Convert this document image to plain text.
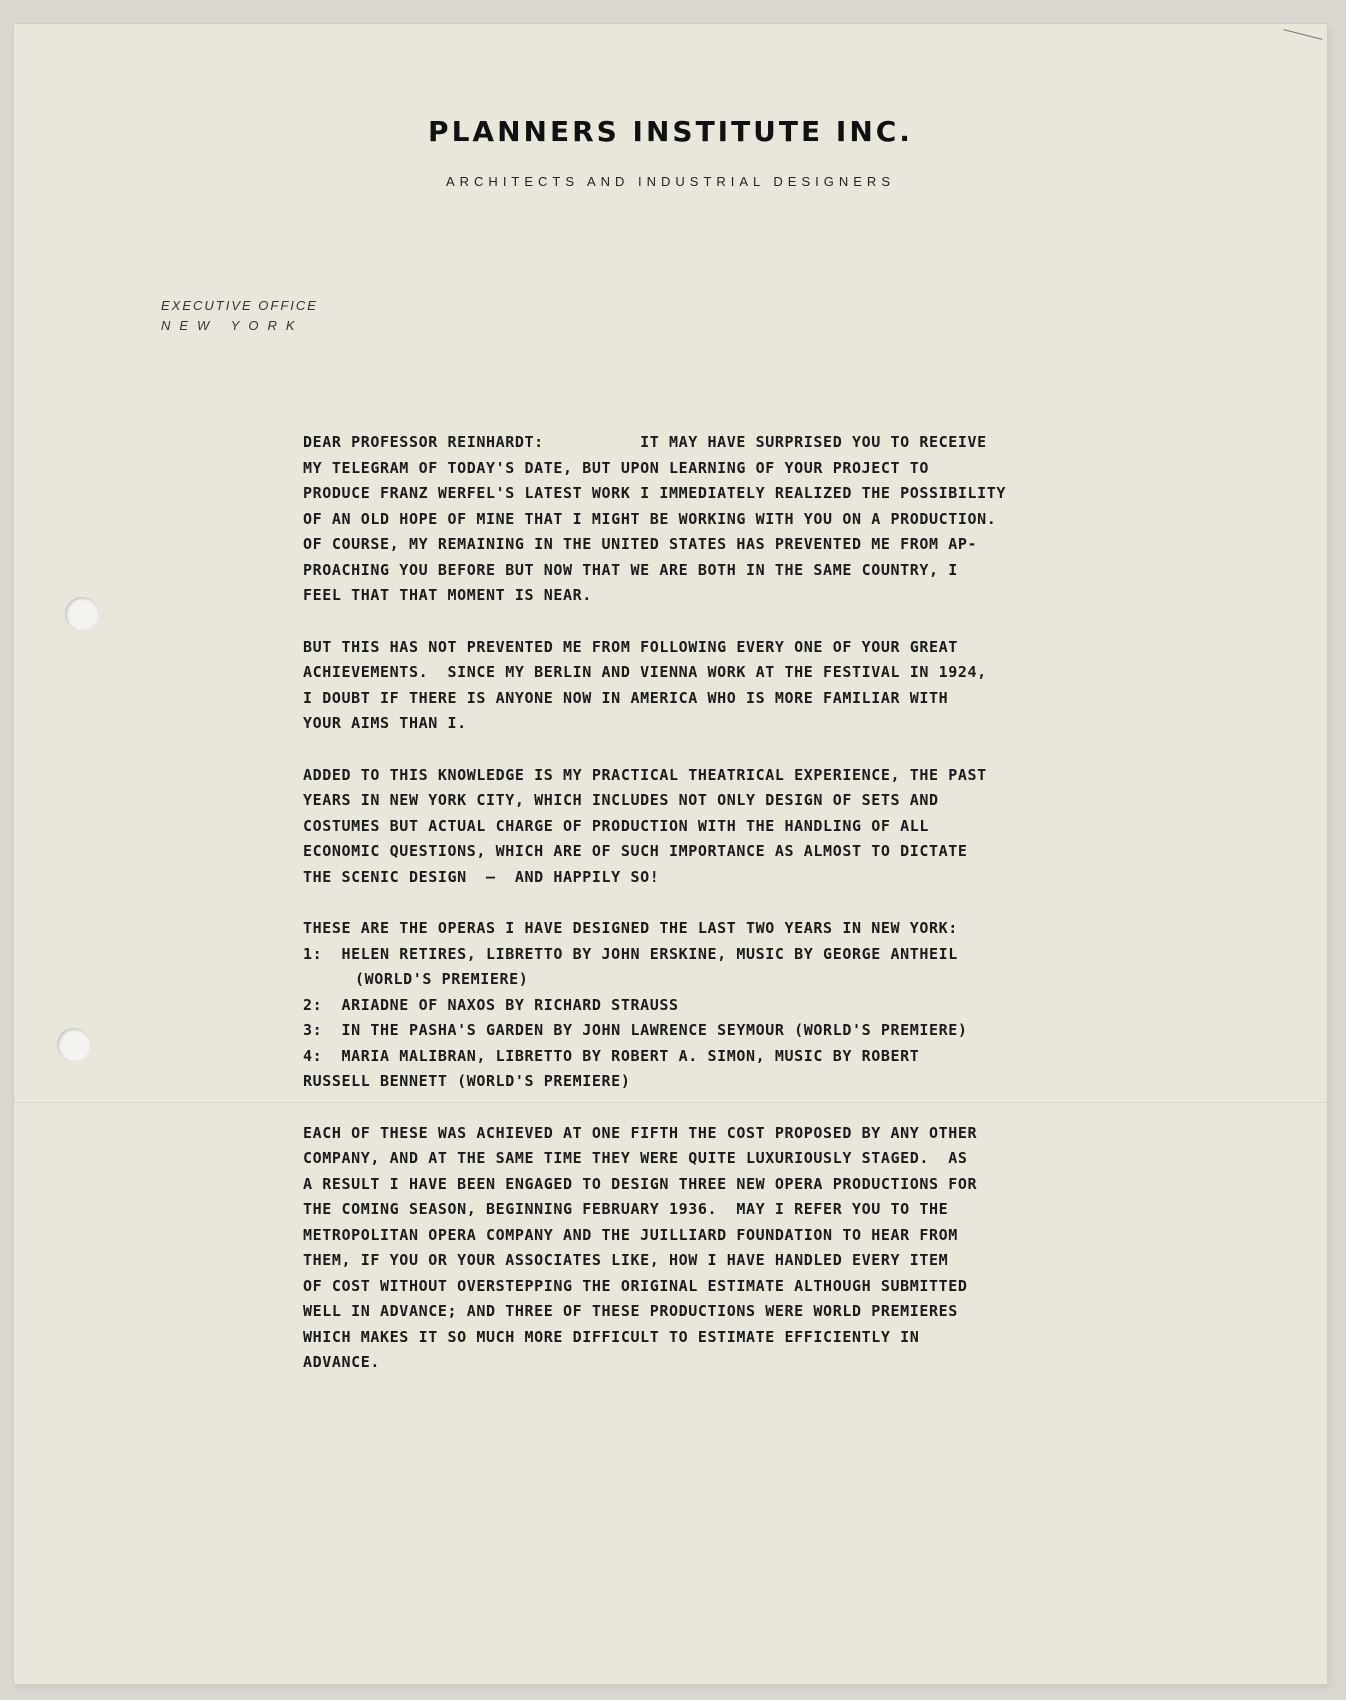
PLANNERS INSTITUTE INC.
ARCHITECTS AND INDUSTRIAL DESIGNERS
EXECUTIVE OFFICE
NEW YORK

DEAR PROFESSOR REINHARDT:          IT MAY HAVE SURPRISED YOU TO RECEIVE

MY TELEGRAM OF TODAY'S DATE, BUT UPON LEARNING OF YOUR PROJECT TO

PRODUCE FRANZ WERFEL'S LATEST WORK I IMMEDIATELY REALIZED THE POSSIBILITY

OF AN OLD HOPE OF MINE THAT I MIGHT BE WORKING WITH YOU ON A PRODUCTION.

OF COURSE, MY REMAINING IN THE UNITED STATES HAS PREVENTED ME FROM AP-

PROACHING YOU BEFORE BUT NOW THAT WE ARE BOTH IN THE SAME COUNTRY, I

FEEL THAT THAT MOMENT IS NEAR.

BUT THIS HAS NOT PREVENTED ME FROM FOLLOWING EVERY ONE OF YOUR GREAT

ACHIEVEMENTS.  SINCE MY BERLIN AND VIENNA WORK AT THE FESTIVAL IN 1924,

I DOUBT IF THERE IS ANYONE NOW IN AMERICA WHO IS MORE FAMILIAR WITH

YOUR AIMS THAN I.

ADDED TO THIS KNOWLEDGE IS MY PRACTICAL THEATRICAL EXPERIENCE, THE PAST

YEARS IN NEW YORK CITY, WHICH INCLUDES NOT ONLY DESIGN OF SETS AND

COSTUMES BUT ACTUAL CHARGE OF PRODUCTION WITH THE HANDLING OF ALL

ECONOMIC QUESTIONS, WHICH ARE OF SUCH IMPORTANCE AS ALMOST TO DICTATE

THE SCENIC DESIGN  —  AND HAPPILY SO!

THESE ARE THE OPERAS I HAVE DESIGNED THE LAST TWO YEARS IN NEW YORK:

1:  HELEN RETIRES, LIBRETTO BY JOHN ERSKINE, MUSIC BY GEORGE ANTHEIL

(WORLD'S PREMIERE)

2:  ARIADNE OF NAXOS BY RICHARD STRAUSS

3:  IN THE PASHA'S GARDEN BY JOHN LAWRENCE SEYMOUR (WORLD'S PREMIERE)

4:  MARIA MALIBRAN, LIBRETTO BY ROBERT A. SIMON, MUSIC BY ROBERT

RUSSELL BENNETT (WORLD'S PREMIERE)

EACH OF THESE WAS ACHIEVED AT ONE FIFTH THE COST PROPOSED BY ANY OTHER

COMPANY, AND AT THE SAME TIME THEY WERE QUITE LUXURIOUSLY STAGED.  AS

A RESULT I HAVE BEEN ENGAGED TO DESIGN THREE NEW OPERA PRODUCTIONS FOR

THE COMING SEASON, BEGINNING FEBRUARY 1936.  MAY I REFER YOU TO THE

METROPOLITAN OPERA COMPANY AND THE JUILLIARD FOUNDATION TO HEAR FROM

THEM, IF YOU OR YOUR ASSOCIATES LIKE, HOW I HAVE HANDLED EVERY ITEM

OF COST WITHOUT OVERSTEPPING THE ORIGINAL ESTIMATE ALTHOUGH SUBMITTED

WELL IN ADVANCE; AND THREE OF THESE PRODUCTIONS WERE WORLD PREMIERES

WHICH MAKES IT SO MUCH MORE DIFFICULT TO ESTIMATE EFFICIENTLY IN

ADVANCE.
